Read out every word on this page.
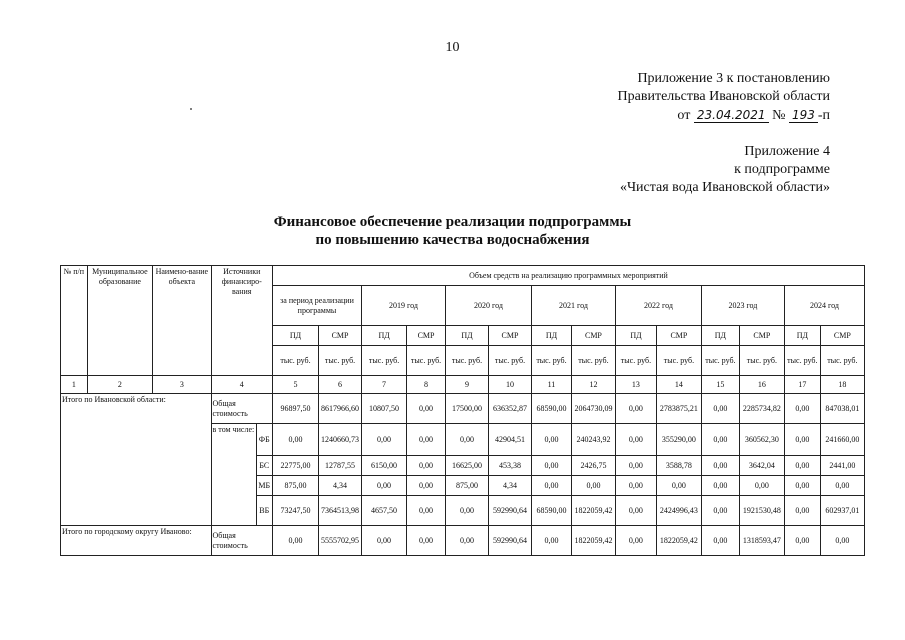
10
Приложение 3 к постановлению
Правительства Ивановской области
от 23.04.2021 № 193 -п
Приложение 4
к подпрограмме
«Чистая вода Ивановской области»
Финансовое обеспечение реализации подпрограммы
по повышению качества водоснабжения
№ п/п	Муниципальное образование	Наимено-вание объекта	Источники финансиро-вания		Объем средств на реализацию программных мероприятий													
					за период реализации программы		2019 год		2020 год		2021 год		2022 год		2023 год		2024 год	
					ПД	СМР	ПД	СМР	ПД	СМР	ПД	СМР	ПД	СМР	ПД	СМР	ПД	СМР
					тыс. руб.	тыс. руб.	тыс. руб.	тыс. руб.	тыс. руб.	тыс. руб.	тыс. руб.	тыс. руб.	тыс. руб.	тыс. руб.	тыс. руб.	тыс. руб.	тыс. руб.	тыс. руб.
1	2	3	4		5	6	7	8	9	10	11	12	13	14	15	16	17	18
Итого по Ивановской области:			Общая стоимость		96897,50	8617966,60	10807,50	0,00	17500,00	636352,87	68590,00	2064730,09	0,00	2783875,21	0,00	2285734,82	0,00	847038,01
			в том числе:	ФБ	0,00	1240660,73	0,00	0,00	0,00	42904,51	0,00	240243,92	0,00	355290,00	0,00	360562,30	0,00	241660,00
				БС	22775,00	12787,55	6150,00	0,00	16625,00	453,38	0,00	2426,75	0,00	3588,78	0,00	3642,04	0,00	2441,00
				МБ	875,00	4,34	0,00	0,00	875,00	4,34	0,00	0,00	0,00	0,00	0,00	0,00	0,00	0,00
				ВБ	73247,50	7364513,98	4657,50	0,00	0,00	592990,64	68590,00	1822059,42	0,00	2424996,43	0,00	1921530,48	0,00	602937,01
Итого по городскому округу Иваново:			Общая стоимость		0,00	5555702,95	0,00	0,00	0,00	592990,64	0,00	1822059,42	0,00	1822059,42	0,00	1318593,47	0,00	0,00
